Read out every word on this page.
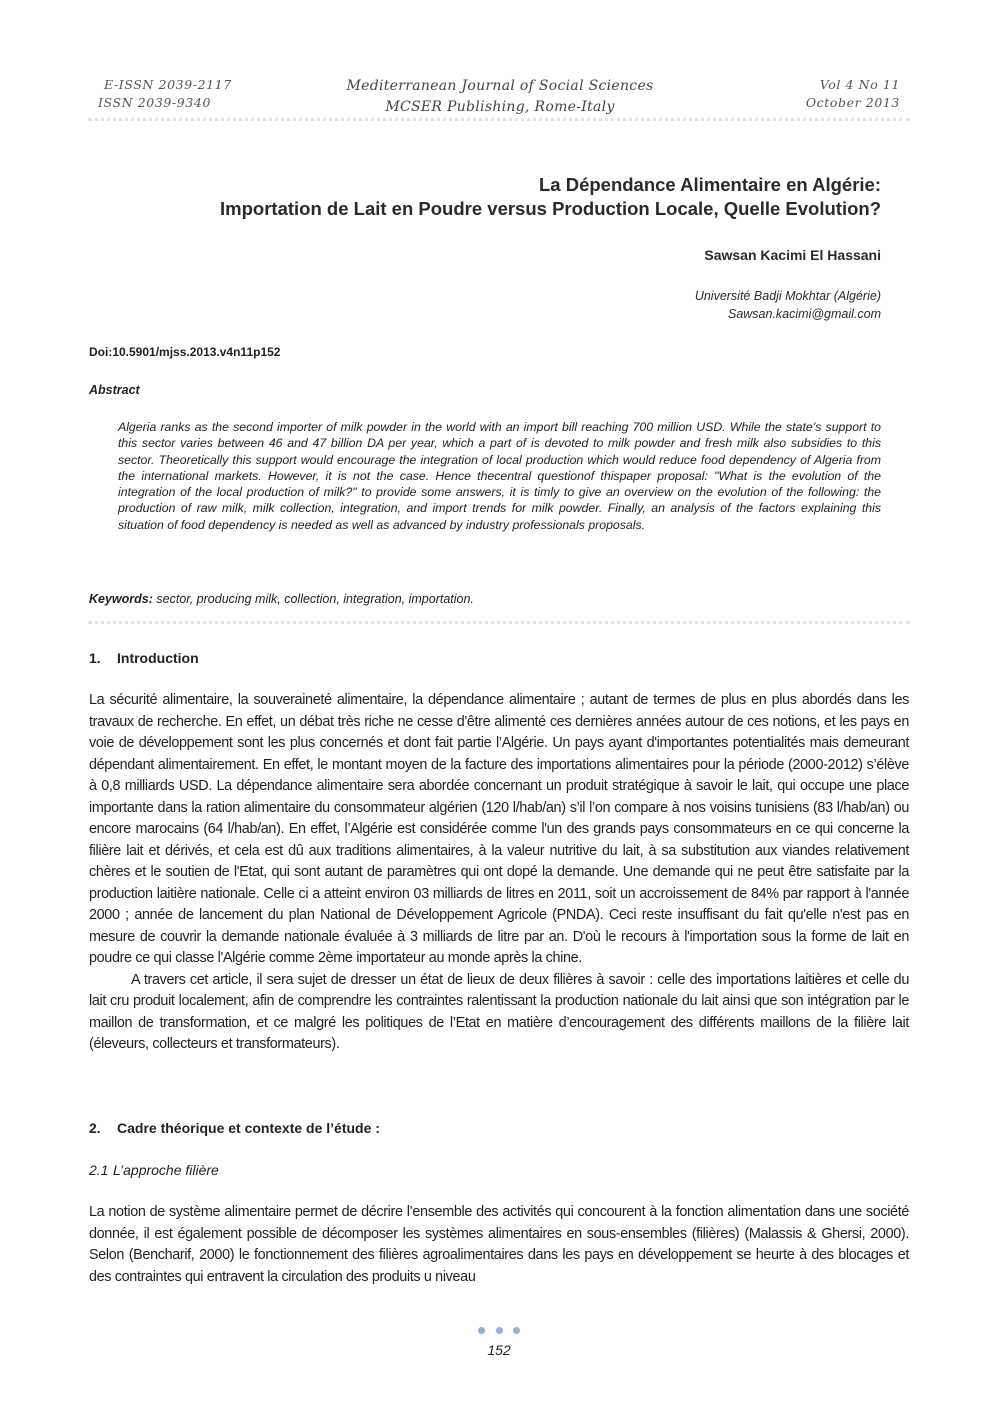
E-ISSN 2039-2117
ISSN 2039-9340
Mediterranean Journal of Social Sciences
MCSER Publishing, Rome-Italy
Vol 4 No 11
October 2013
La Dépendance Alimentaire en Algérie:
Importation de Lait en Poudre versus Production Locale, Quelle Evolution?
Sawsan Kacimi El Hassani
Université Badji Mokhtar (Algérie)
Sawsan.kacimi@gmail.com
Doi:10.5901/mjss.2013.v4n11p152
Abstract
Algeria ranks as the second importer of milk powder in the world with an import bill reaching 700 million USD. While the state’s support to this sector varies between 46 and 47 billion DA per year, which a part of is devoted to milk powder and fresh milk also subsidies to this sector. Theoretically this support would encourage the integration of local production which would reduce food dependency of Algeria from the international markets. However, it is not the case. Hence thecentral questionof thispaper proposal: "What is the evolution of the integration of the local production of milk?" to provide some answers, it is timly to give an overview on the evolution of the following: the production of raw milk, milk collection, integration, and import trends for milk powder. Finally, an analysis of the factors explaining this situation of food dependency is needed as well as advanced by industry professionals proposals.
Keywords: sector, producing milk, collection, integration, importation.
1. Introduction

La sécurité alimentaire, la souveraineté alimentaire, la dépendance alimentaire ; autant de termes de plus en plus abordés dans les travaux de recherche. En effet, un débat très riche ne cesse d'être alimenté ces dernières années autour de ces notions, et les pays en voie de développement sont les plus concernés et dont fait partie l’Algérie. Un pays ayant d'importantes potentialités mais demeurant dépendant alimentairement. En effet, le montant moyen de la facture des importations alimentaires pour la période (2000-2012) s’élève à 0,8 milliards USD. La dépendance alimentaire sera abordée concernant un produit stratégique à savoir le lait, qui occupe une place importante dans la ration alimentaire du consommateur algérien (120 l/hab/an) s’il l’on compare à nos voisins tunisiens (83 l/hab/an) ou encore marocains (64 l/hab/an). En effet, l’Algérie est considérée comme l'un des grands pays consommateurs en ce qui concerne la filière lait et dérivés, et cela est dû aux traditions alimentaires, à la valeur nutritive du lait, à sa substitution aux viandes relativement chères et le soutien de l'Etat, qui sont autant de paramètres qui ont dopé la demande. Une demande qui ne peut être satisfaite par la production laitière nationale. Celle ci a atteint environ 03 milliards de litres en 2011, soit un accroissement de 84% par rapport à l'année 2000 ; année de lancement du plan National de Développement Agricole (PNDA). Ceci reste insuffisant du fait qu'elle n'est pas en mesure de couvrir la demande nationale évaluée à 3 milliards de litre par an. D'où le recours à l'importation sous la forme de lait en poudre ce qui classe l'Algérie comme 2ème importateur au monde après la chine.

A travers cet article, il sera sujet de dresser un état de lieux de deux filières à savoir : celle des importations laitières et celle du lait cru produit localement, afin de comprendre les contraintes ralentissant la production nationale du lait ainsi que son intégration par le maillon de transformation, et ce malgré les politiques de l’Etat en matière d’encouragement des différents maillons de la filière lait (éleveurs, collecteurs et transformateurs).

2. Cadre théorique et contexte de l’étude :
2.1 L’approche filière

La notion de système alimentaire permet de décrire l’ensemble des activités qui concourent à la fonction alimentation dans une société donnée, il est également possible de décomposer les systèmes alimentaires en sous-ensembles (filières) (Malassis & Ghersi, 2000). Selon (Bencharif, 2000) le fonctionnement des filières agroalimentaires dans les pays en développement se heurte à des blocages et des contraintes qui entravent la circulation des produits u niveau

152
